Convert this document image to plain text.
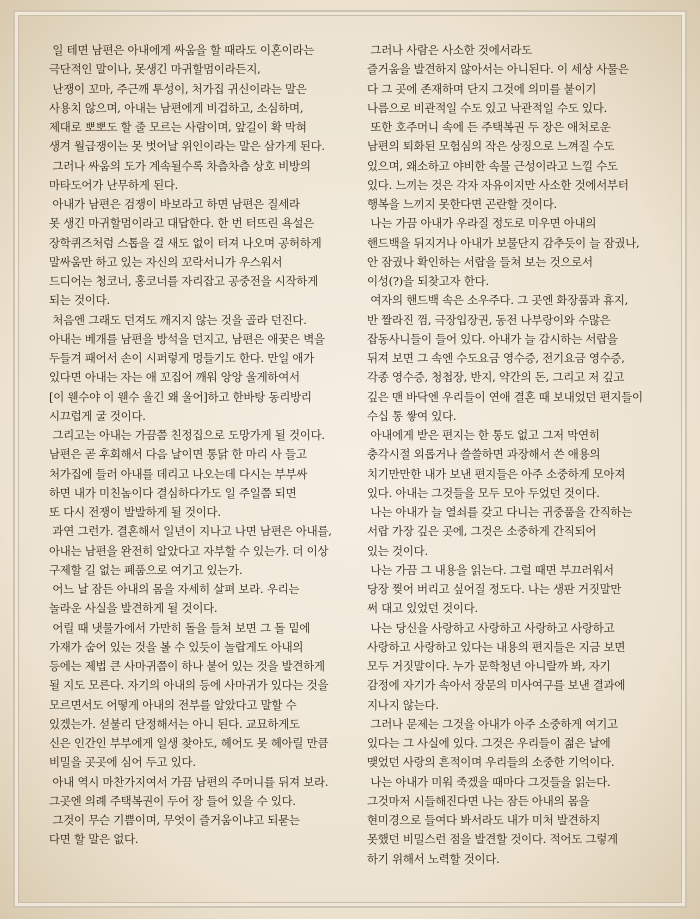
일 테면 남편은 아내에게 싸움을 할 때라도 이혼이라는
극단적인 말이나, 못생긴 마귀할멈이라든지,
난쟁이 꼬마, 주근깨 투성이, 처가집 귀신이라는 말은
사용치 않으며, 아내는 남편에게 비겁하고, 소심하며,
제대로 뽀뽀도 할 줄 모르는 사람이며, 앞길이 확 막혀
생겨 월급쟁이는 못 벗어날 위인이라는 말은 삼가게 된다.
그러나 싸움의 도가 계속될수록 차츰차츰 상호 비방의
마타도어가 난무하게 된다.
아내가 남편은 검쟁이 바보라고 하면 남편은 질세라
못 생긴 마귀할멈이라고 대답한다. 한 번 터뜨린 욕설은
장학퀴즈처럼 스톱을 걸 새도 없이 터져 나오며 공허하게
말싸움만 하고 있는 자신의 꼬락서니가 우스워서
드디어는 청코너, 홍코너를 자리잡고 공중전을 시작하게
되는 것이다.
처음엔 그래도 던져도 깨지지 않는 것을 골라 던진다.
아내는 베개를 남편을 방석을 던지고, 남편은 애꿎은 벽을
두들겨 패어서 손이 시퍼렇게 멍들기도 한다. 만일 애가
있다면 아내는 자는 애 꼬집어 깨워 앙앙 울게하여서
[이 웬수야 이 웬수 울긴 왜 울어]하고 한바탕 동리방리
시끄럽게 굴 것이다.
그리고는 아내는 가끔쯤 친정집으로 도망가게 될 것이다.
남편은 곧 후회해서 다음 날이면 통닭 한 마리 사 들고
처가집에 들러 아내를 데리고 나오는데 다시는 부부싸
하면 내가 미친놈이다 결심하다가도 일 주일쯤 되면
또 다시 전쟁이 발발하게 될 것이다.
과연 그런가. 결혼해서 일년이 지나고 나면 남편은 아내를,
아내는 남편을 완전히 알았다고 자부할 수 있는가. 더 이상
구제할 길 없는 폐품으로 여기고 있는가.
어느 날 잠든 아내의 몸을 자세히 살펴 보라. 우리는
놀라운 사실을 발견하게 될 것이다.
어릴 때 냇물가에서 가만히 돌을 들쳐 보면 그 돌 밑에
가재가 숨어 있는 것을 볼 수 있듯이 놀랍게도 아내의
등에는 제법 큰 사마귀쯤이 하나 붙어 있는 것을 발견하게
될 지도 모른다. 자기의 아내의 등에 사마귀가 있다는 것을
모르면서도 어떻게 아내의 전부를 알았다고 말할 수
있겠는가. 섣불리 단정해서는 아니 된다. 교묘하게도
신은 인간인 부부에게 일생 찾아도, 헤어도 못 헤아릴 만큼
비밀을 곳곳에 심어 두고 있다.
아내 역시 마찬가지여서 가끔 남편의 주머니를 뒤져 보라.
그곳엔 의례 주택복권이 두어 장 들어 있을 수 있다.
그것이 무슨 기쁨이며, 무엇이 즐거움이냐고 되묻는
다면 할 말은 없다.
그러나 사람은 사소한 것에서라도
즐거움을 발견하지 않아서는 아니된다. 이 세상 사물은
다 그 곳에 존재하며 단지 그것에 의미를 붙이기
나름으로 비관적일 수도 있고 낙관적일 수도 있다.
또한 호주머니 속에 든 주택복권 두 장은 애처로운
남편의 퇴화된 모험심의 작은 상징으로 느껴질 수도
있으며, 왜소하고 야비한 속물 근성이라고 느낄 수도
있다. 느끼는 것은 각자 자유이지만 사소한 것에서부터
행복을 느끼지 못한다면 곤란할 것이다.
나는 가끔 아내가 우라질 정도로 미우면 아내의
핸드백을 뒤지거나 아내가 보물단지 감추듯이 늘 잠궜나,
안 잠궜나 확인하는 서랍을 들쳐 보는 것으로서
이성(?)을 되찾고자 한다.
여자의 핸드백 속은 소우주다. 그 곳엔 화장품과 휴지,
반 짤라진 껌, 극장입장권, 동전 나부랑이와 수많은
잡동사니들이 들어 있다. 아내가 늘 감시하는 서랍을
뒤져 보면 그 속엔 수도요금 영수증, 전기요금 영수증,
각종 영수증, 청첩장, 반지, 약간의 돈, 그리고 저 깊고
깊은 맨 바닥엔 우리들이 연애 결혼 때 보내었던 편지들이
수십 통 쌓여 있다.
아내에게 받은 편지는 한 통도 없고 그저 막연히
충각시절 외롭거나 쓸쓸하면 과장해서 쓴 애용의
치기만만한 내가 보낸 편지들은 아주 소중하게 모아져
있다. 아내는 그것들을 모두 모아 두었던 것이다.
나는 아내가 늘 열쇠를 갖고 다니는 귀중품을 간직하는
서랍 가장 깊은 곳에, 그것은 소중하게 간직되어
있는 것이다.
나는 가끔 그 내용을 읽는다. 그럴 때면 부끄러워서
당장 찢어 버리고 싶어질 정도다. 나는 생판 거짓말만
써 대고 있었던 것이다.
나는 당신을 사랑하고 사랑하고 사랑하고 사랑하고
사랑하고 사랑하고 있다는 내용의 편지들은 지금 보면
모두 거짓말이다. 누가 문학청년 아니랄까 봐, 자기
감정에 자기가 속아서 장문의 미사여구를 보낸 결과에
지나지 않는다.
그러나 문제는 그것을 아내가 아주 소중하게 여기고
있다는 그 사실에 있다. 그것은 우리들이 젊은 날에
맺었던 사랑의 흔적이며 우리들의 소중한 기억이다.
나는 아내가 미워 죽겠을 때마다 그것들을 읽는다.
그것마저 시들해진다면 나는 잠든 아내의 몸을
현미경으로 들여다 봐서라도 내가 미처 발견하지
못했던 비밀스런 점을 발견할 것이다. 적어도 그렇게
하기 위해서 노력할 것이다.
